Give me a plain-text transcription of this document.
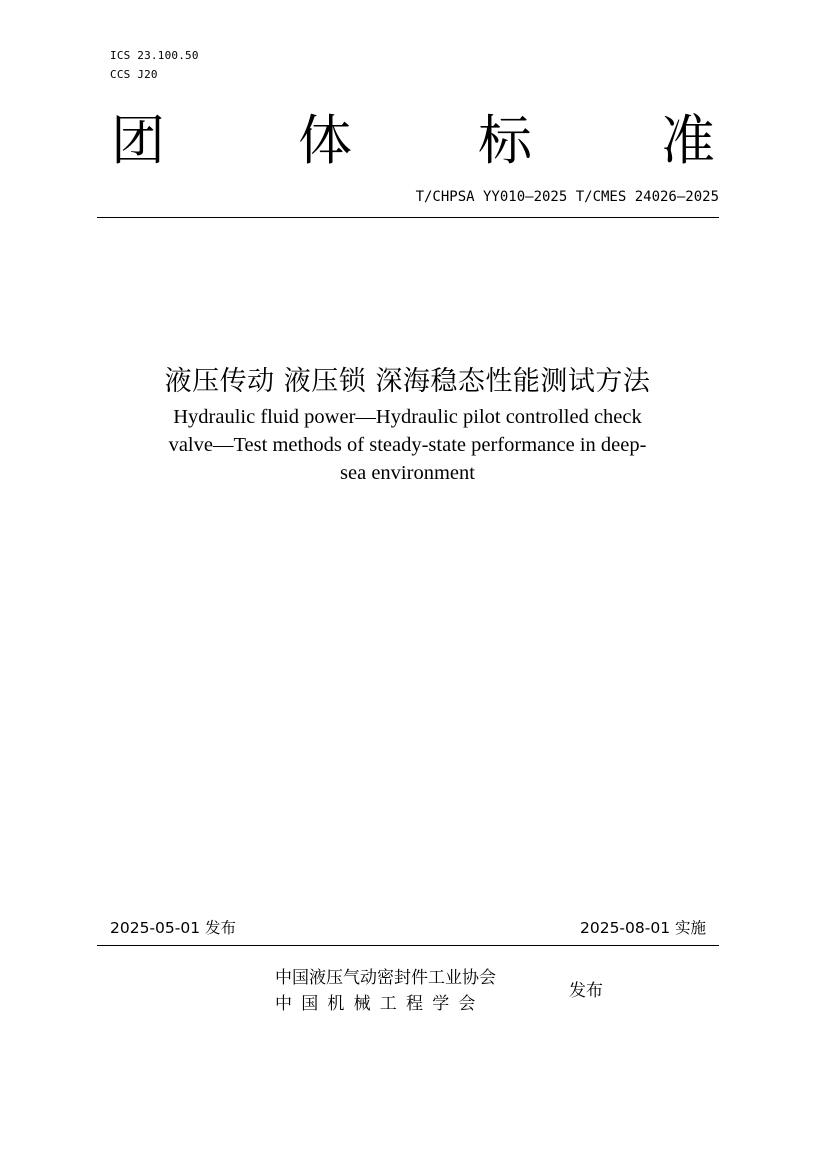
ICS 23.100.50
CCS J20
团 体 标 准
T/CHPSA YY010—2025 T/CMES 24026—2025
液压传动 液压锁 深海稳态性能测试方法
Hydraulic fluid power—Hydraulic pilot controlled check
valve—Test methods of steady-state performance in deep-
sea environment
2025-05-01 发布	2025-08-01 实施
中国液压气动密封件工业协会
中国机械工程学会
发布
